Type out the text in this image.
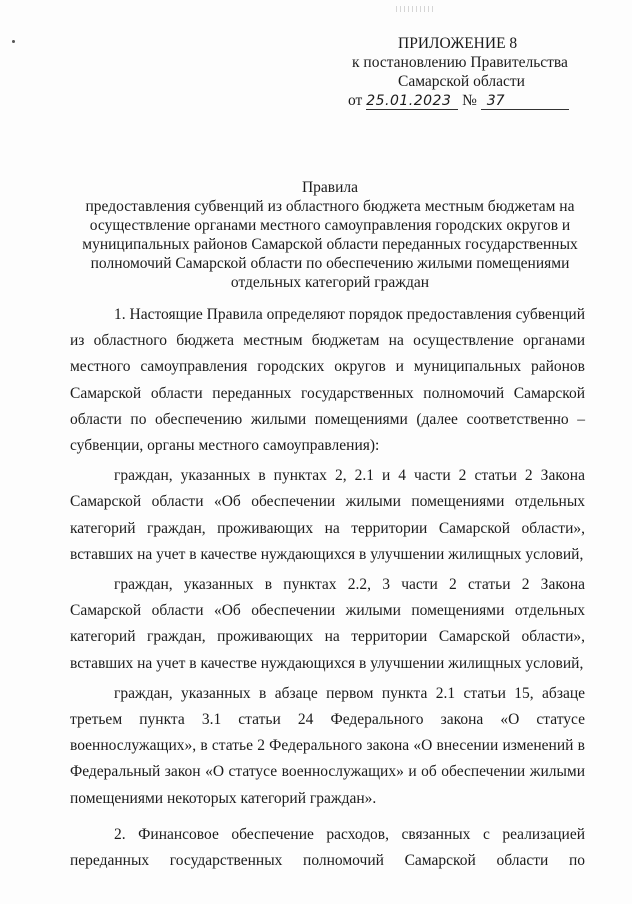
ПРИЛОЖЕНИЕ 8
к постановлению Правительства
Самарской области
от 25.01.2023 № 37
Правила
предоставления субвенций из областного бюджета местным бюджетам на
осуществление органами местного самоуправления городских округов и
муниципальных районов Самарской области переданных государственных
полномочий Самарской области по обеспечению жилыми помещениями
отдельных категорий граждан

1. Настоящие Правила определяют порядок предоставления субвенций из областного бюджета местным бюджетам на осуществление органами местного самоуправления городских округов и муниципальных районов Самарской области переданных государственных полномочий Самарской области по обеспечению жилыми помещениями (далее соответственно – субвенции, органы местного самоуправления):

граждан, указанных в пунктах 2, 2.1 и 4 части 2 статьи 2 Закона Самарской области «Об обеспечении жилыми помещениями отдельных категорий граждан, проживающих на территории Самарской области», вставших на учет в качестве нуждающихся в улучшении жилищных условий,

граждан, указанных в пунктах 2.2, 3 части 2 статьи 2 Закона Самарской области «Об обеспечении жилыми помещениями отдельных категорий граждан, проживающих на территории Самарской области», вставших на учет в качестве нуждающихся в улучшении жилищных условий,

граждан, указанных в абзаце первом пункта 2.1 статьи 15, абзаце третьем пункта 3.1 статьи 24 Федерального закона «О статусе военнослужащих», в статье 2 Федерального закона «О внесении изменений в Федеральный закон «О статусе военнослужащих» и об обеспечении жилыми помещениями некоторых категорий граждан».

2. Финансовое обеспечение расходов, связанных с реализацией переданных государственных полномочий Самарской области по
